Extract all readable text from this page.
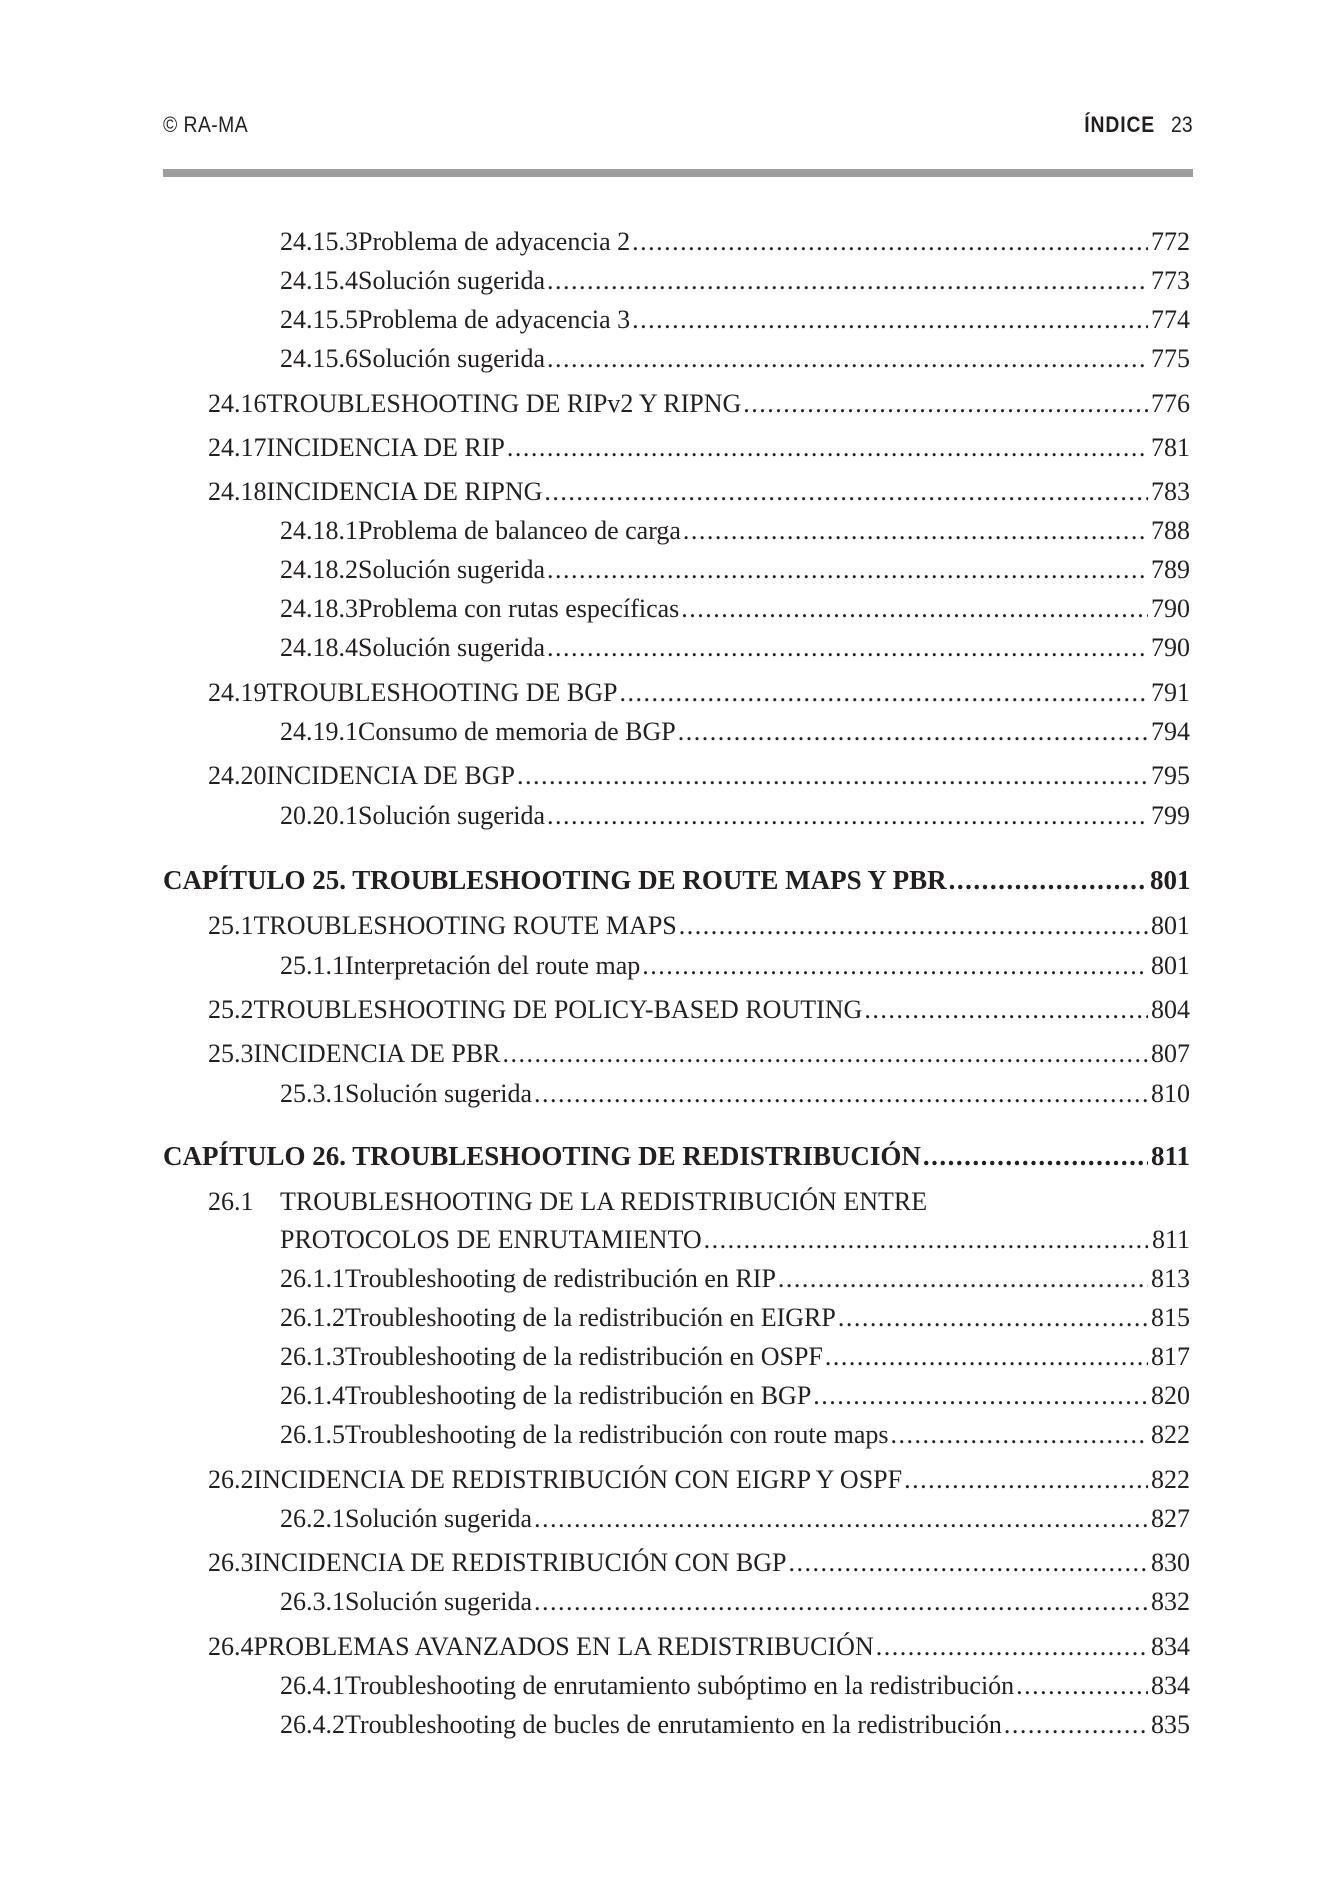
© RA-MA	ÍNDICE 23
24.15.3 Problema de adyacencia 2 .....	772
24.15.4 Solución sugerida .....	773
24.15.5 Problema de adyacencia 3 .....	774
24.15.6 Solución sugerida .....	775
24.16 TROUBLESHOOTING DE RIPv2 Y RIPNG .....	776
24.17 INCIDENCIA DE RIP .....	781
24.18 INCIDENCIA DE RIPNG .....	783
24.18.1 Problema de balanceo de carga .....	788
24.18.2 Solución sugerida .....	789
24.18.3 Problema con rutas específicas .....	790
24.18.4 Solución sugerida .....	790
24.19 TROUBLESHOOTING DE BGP .....	791
24.19.1 Consumo de memoria de BGP .....	794
24.20 INCIDENCIA DE BGP .....	795
20.20.1 Solución sugerida .....	799
CAPÍTULO 25. TROUBLESHOOTING DE ROUTE MAPS Y PBR .....	801
25.1 TROUBLESHOOTING ROUTE MAPS .....	801
25.1.1 Interpretación del route map .....	801
25.2 TROUBLESHOOTING DE POLICY-BASED ROUTING .....	804
25.3 INCIDENCIA DE PBR .....	807
25.3.1 Solución sugerida .....	810
CAPÍTULO 26. TROUBLESHOOTING DE REDISTRIBUCIÓN .....	811
26.1 TROUBLESHOOTING DE LA REDISTRIBUCIÓN ENTRE
PROTOCOLOS DE ENRUTAMIENTO .....	811
26.1.1 Troubleshooting de redistribución en RIP .....	813
26.1.2 Troubleshooting de la redistribución en EIGRP .....	815
26.1.3 Troubleshooting de la redistribución en OSPF .....	817
26.1.4 Troubleshooting de la redistribución en BGP .....	820
26.1.5 Troubleshooting de la redistribución con route maps .....	822
26.2 INCIDENCIA DE REDISTRIBUCIÓN CON EIGRP Y OSPF .....	822
26.2.1 Solución sugerida .....	827
26.3 INCIDENCIA DE REDISTRIBUCIÓN CON BGP .....	830
26.3.1 Solución sugerida .....	832
26.4 PROBLEMAS AVANZADOS EN LA REDISTRIBUCIÓN .....	834
26.4.1 Troubleshooting de enrutamiento subóptimo en la redistribución .....	834
26.4.2 Troubleshooting de bucles de enrutamiento en la redistribución .....	835
